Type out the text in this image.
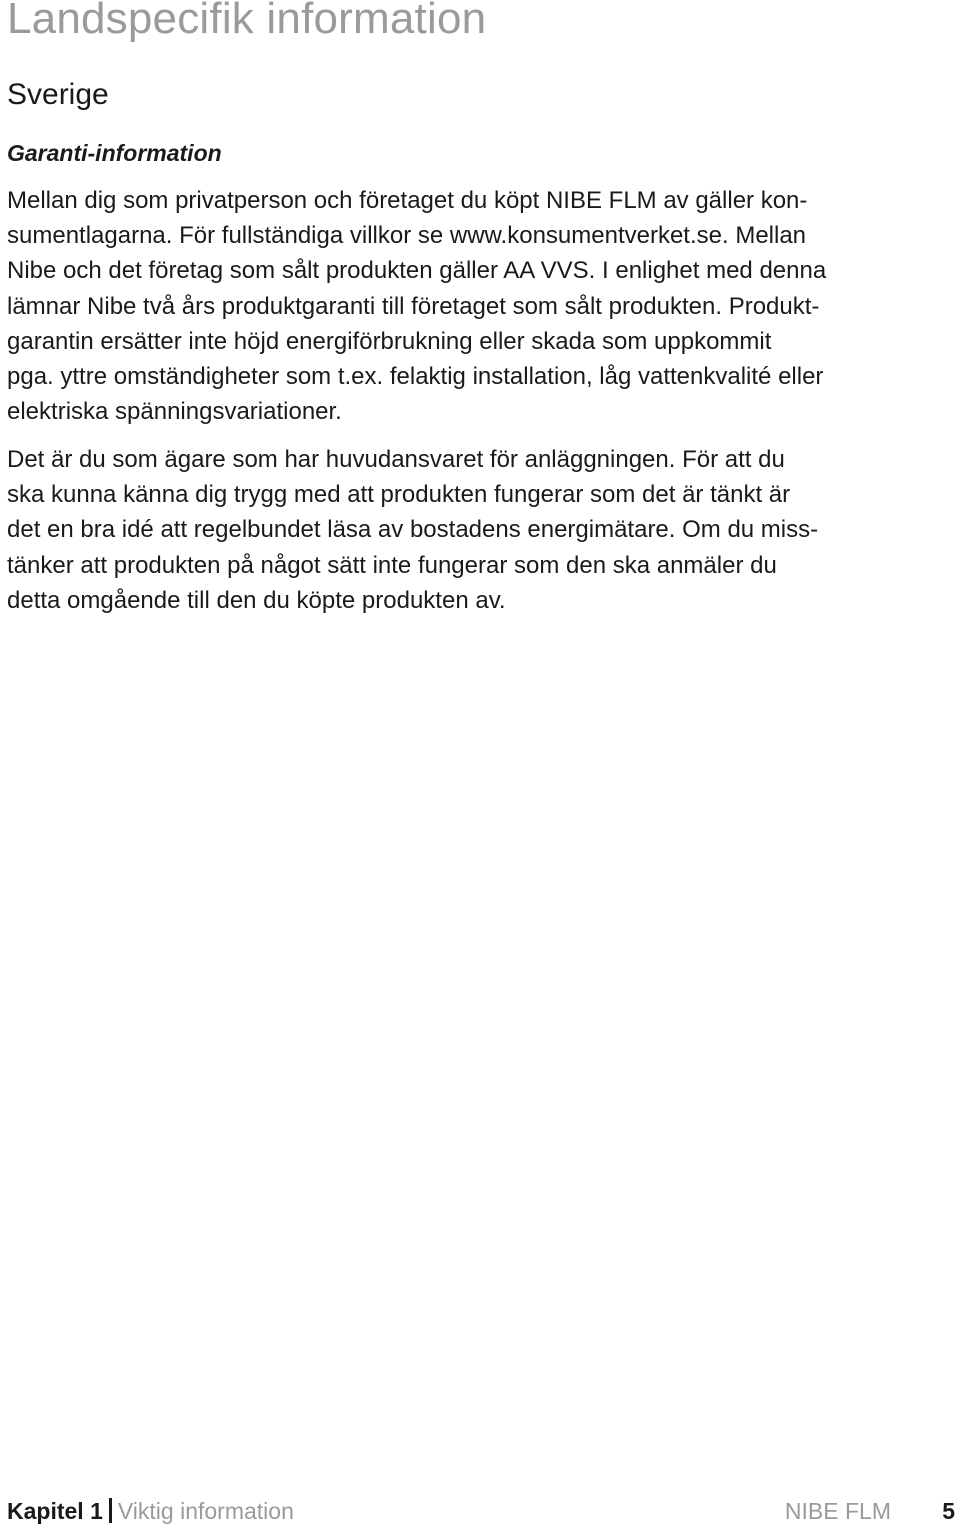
Landspecifik information
Sverige
Garanti-information

Mellan dig som privatperson och företaget du köpt NIBE FLM av gäller kon-
sumentlagarna. För fullständiga villkor se www.konsumentverket.se. Mellan
Nibe och det företag som sålt produkten gäller AA VVS. I enlighet med denna
lämnar Nibe två års produktgaranti till företaget som sålt produkten. Produkt-
garantin ersätter inte höjd energiförbrukning eller skada som uppkommit
pga. yttre omständigheter som t.ex. felaktig installation, låg vattenkvalité eller
elektriska spänningsvariationer.

Det är du som ägare som har huvudansvaret för anläggningen. För att du
ska kunna känna dig trygg med att produkten fungerar som det är tänkt är
det en bra idé att regelbundet läsa av bostadens energimätare. Om du miss-
tänker att produkten på något sätt inte fungerar som den ska anmäler du
detta omgående till den du köpte produkten av.

Kapitel 1 Viktig information	NIBE FLM 5
